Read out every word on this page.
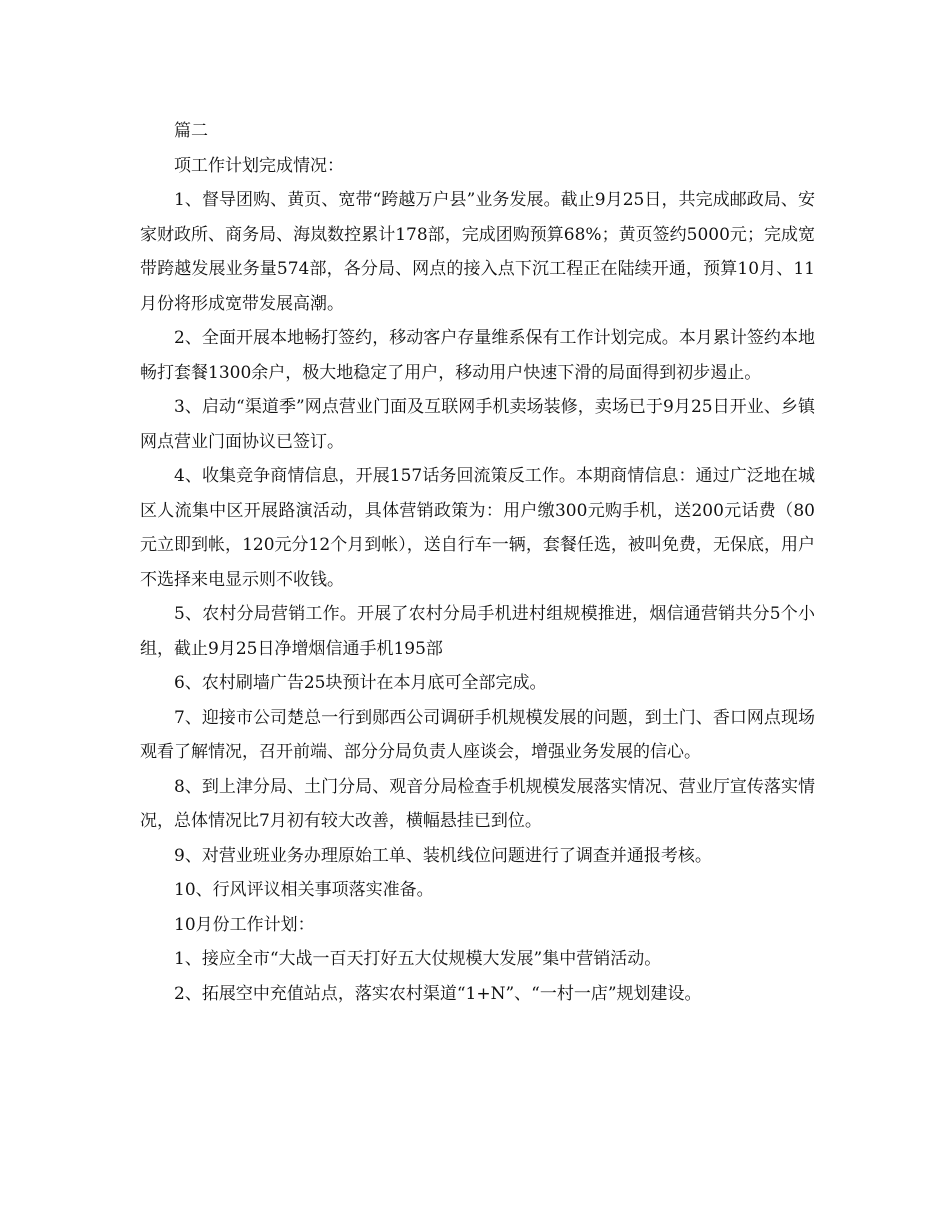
篇二

项工作计划完成情况：

1、督导团购、黄页、宽带“跨越万户县”业务发展。截止9月25日，共完成邮政局、安家财政所、商务局、海岚数控累计178部，完成团购预算68%；黄页签约5000元；完成宽带跨越发展业务量574部，各分局、网点的接入点下沉工程正在陆续开通，预算10月、11月份将形成宽带发展高潮。

2、全面开展本地畅打签约，移动客户存量维系保有工作计划完成。本月累计签约本地畅打套餐1300余户，极大地稳定了用户，移动用户快速下滑的局面得到初步遏止。

3、启动“渠道季”网点营业门面及互联网手机卖场装修，卖场已于9月25日开业、乡镇网点营业门面协议已签订。

4、收集竞争商情信息，开展157话务回流策反工作。本期商情信息：通过广泛地在城区人流集中区开展路演活动，具体营销政策为：用户缴300元购手机，送200元话费（80元立即到帐，120元分12个月到帐），送自行车一辆，套餐任选，被叫免费，无保底，用户不选择来电显示则不收钱。

5、农村分局营销工作。开展了农村分局手机进村组规模推进，烟信通营销共分5个小组，截止9月25日净增烟信通手机195部

6、农村刷墙广告25块预计在本月底可全部完成。

7、迎接市公司楚总一行到郧西公司调研手机规模发展的问题，到土门、香口网点现场观看了解情况，召开前端、部分分局负责人座谈会，增强业务发展的信心。

8、到上津分局、土门分局、观音分局检查手机规模发展落实情况、营业厅宣传落实情况，总体情况比7月初有较大改善，横幅悬挂已到位。

9、对营业班业务办理原始工单、装机线位问题进行了调查并通报考核。

10、行风评议相关事项落实准备。

10月份工作计划：

1、接应全市“大战一百天打好五大仗规模大发展”集中营销活动。

2、拓展空中充值站点，落实农村渠道“1+N”、“一村一店”规划建设。
